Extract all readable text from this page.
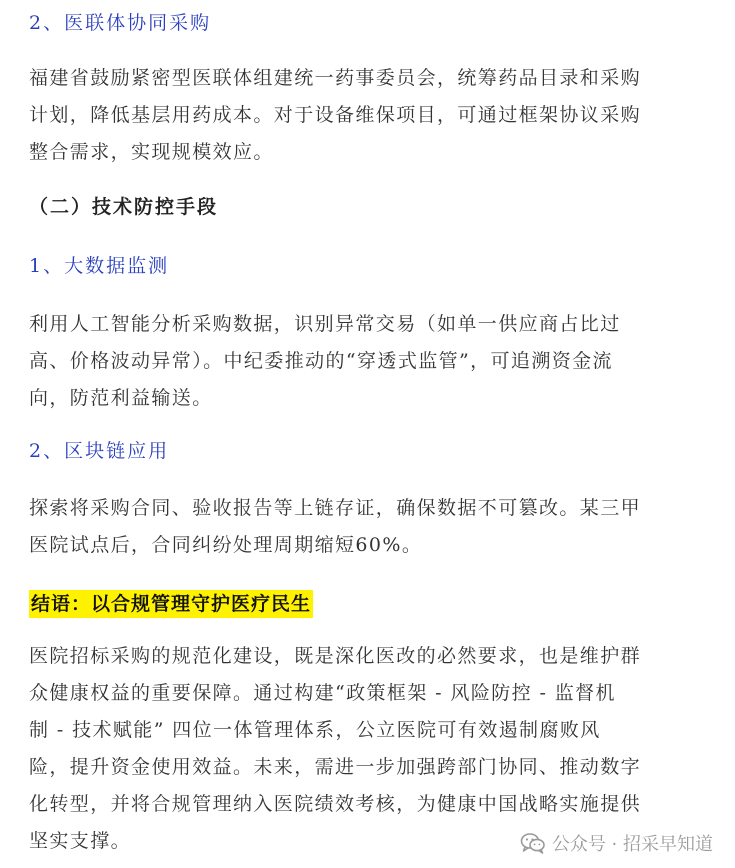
2、医联体协同采购
福建省鼓励紧密型医联体组建统一药事委员会，统筹药品目录和采购
计划，降低基层用药成本。对于设备维保项目，可通过框架协议采购
整合需求，实现规模效应。
（二）技术防控手段
1、大数据监测
利用人工智能分析采购数据，识别异常交易（如单一供应商占比过
高、价格波动异常）。中纪委推动的“穿透式监管”，可追溯资金流
向，防范利益输送。
2、区块链应用
探索将采购合同、验收报告等上链存证，确保数据不可篡改。某三甲
医院试点后，合同纠纷处理周期缩短60%。
结语：以合规管理守护医疗民生
医院招标采购的规范化建设，既是深化医改的必然要求，也是维护群
众健康权益的重要保障。通过构建“政策框架 - 风险防控 - 监督机
制 - 技术赋能” 四位一体管理体系，公立医院可有效遏制腐败风
险，提升资金使用效益。未来，需进一步加强跨部门协同、推动数字
化转型，并将合规管理纳入医院绩效考核，为健康中国战略实施提供
坚实支撑。	公众号 · 招采早知道
